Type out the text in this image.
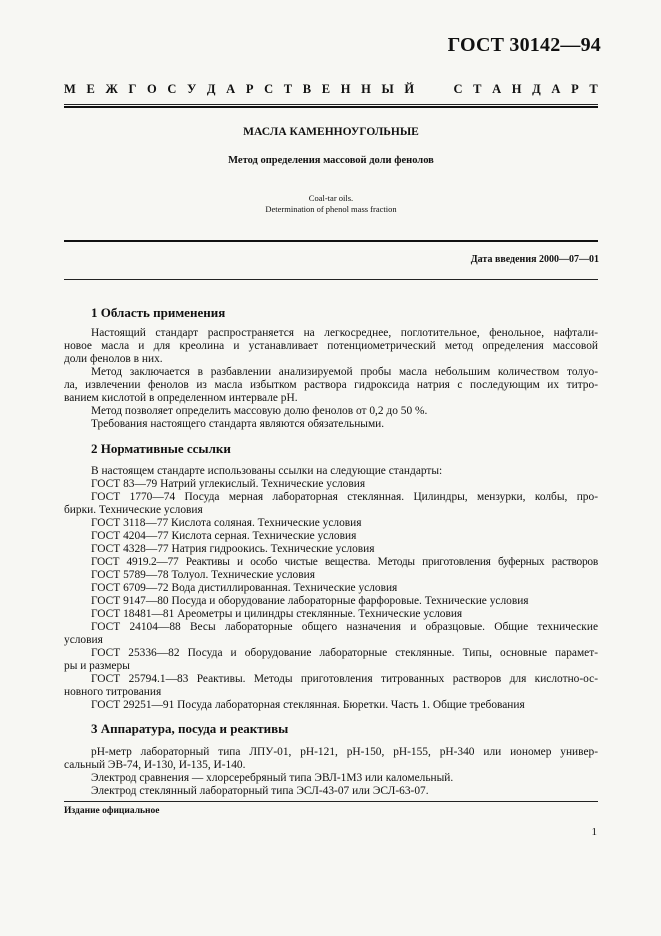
ГОСТ 30142—94
М Е Ж Г О С У Д А Р С Т В Е Н Н Ы Й	С Т А Н Д А Р Т
МАСЛА КАМЕННОУГОЛЬНЫЕ
Метод определения массовой доли фенолов
Coal-tar oils.
Determination of phenol mass fraction
Дата введения 2000—07—01
1 Область применения
Настоящий стандарт распространяется на легкосреднее, поглотительное, фенольное, нафтали-
новое масла и для креолина и устанавливает потенциометрический метод определения массовой
доли фенолов в них.
Метод заключается в разбавлении анализируемой пробы масла небольшим количеством толуо-
ла, извлечении фенолов из масла избытком раствора гидроксида натрия с последующим их титро-
ванием кислотой в определенном интервале pH.
Метод позволяет определить массовую долю фенолов от 0,2 до 50 %.
Требования настоящего стандарта являются обязательными.
2 Нормативные ссылки
В настоящем стандарте использованы ссылки на следующие стандарты:
ГОСТ 83—79 Натрий углекислый. Технические условия
ГОСТ 1770—74 Посуда мерная лабораторная стеклянная. Цилиндры, мензурки, колбы, про-
бирки. Технические условия
ГОСТ 3118—77 Кислота соляная. Технические условия
ГОСТ 4204—77 Кислота серная. Технические условия
ГОСТ 4328—77 Натрия гидроокись. Технические условия
ГОСТ 4919.2—77 Реактивы и особо чистые вещества. Методы приготовления буферных растворов
ГОСТ 5789—78 Толуол. Технические условия
ГОСТ 6709—72 Вода дистиллированная. Технические условия
ГОСТ 9147—80 Посуда и оборудование лабораторные фарфоровые. Технические условия
ГОСТ 18481—81 Ареометры и цилиндры стеклянные. Технические условия
ГОСТ 24104—88 Весы лабораторные общего назначения и образцовые. Общие технические
условия
ГОСТ 25336—82 Посуда и оборудование лабораторные стеклянные. Типы, основные парамет-
ры и размеры
ГОСТ 25794.1—83 Реактивы. Методы приготовления титрованных растворов для кислотно-ос-
новного титрования
ГОСТ 29251—91 Посуда лабораторная стеклянная. Бюретки. Часть 1. Общие требования
3 Аппаратура, посуда и реактивы
pH-метр лабораторный типа ЛПУ-01, pH-121, pH-150, pH-155, pH-340 или иономер универ-
сальный ЭВ-74, И-130, И-135, И-140.
Электрод сравнения — хлорсеребряный типа ЭВЛ-1М3 или каломельный.
Электрод стеклянный лабораторный типа ЭСЛ-43-07 или ЭСЛ-63-07.
Издание официальное
1
